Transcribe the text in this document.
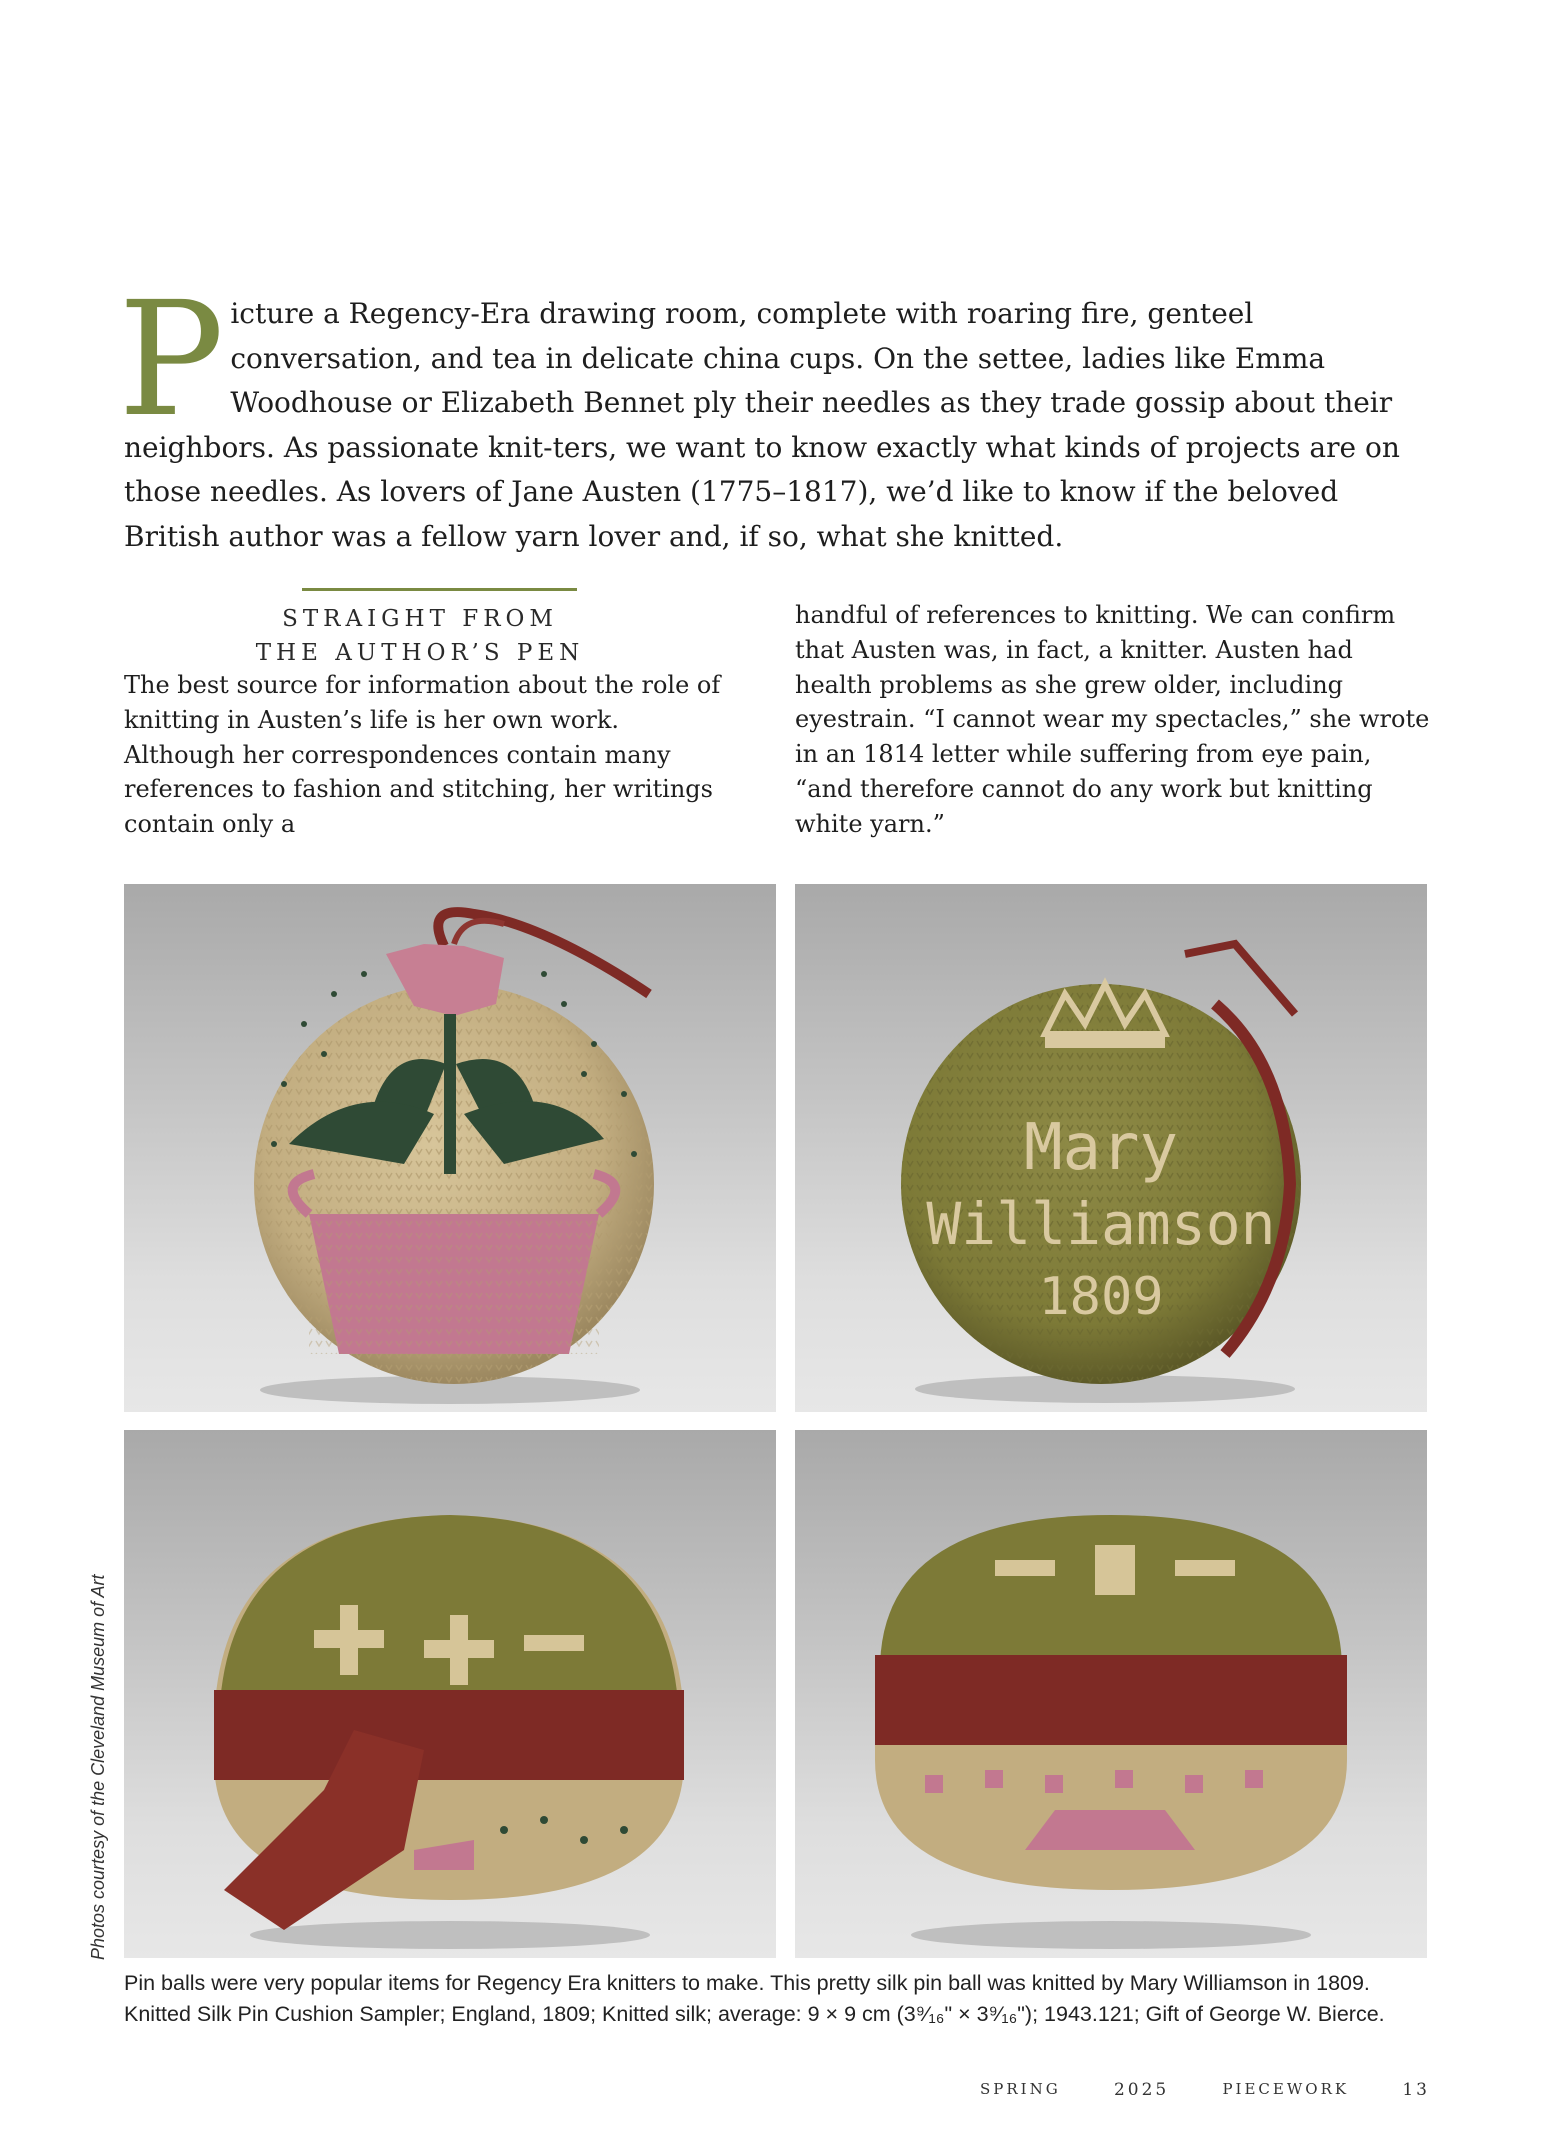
Picture a Regency-Era drawing room, complete with roaring fire, genteel conversation, and tea in delicate china cups. On the settee, ladies like Emma Woodhouse or Elizabeth Bennet ply their needles as they trade gossip about their neighbors. As passionate knit-ters, we want to know exactly what kinds of projects are on those needles. As lovers of Jane Austen (1775–1817), we’d like to know if the beloved British author was a fellow yarn lover and, if so, what she knitted.
STRAIGHT FROM
THE AUTHOR’S PEN
The best source for information about the role of knitting in Austen’s life is her own work. Although her correspondences contain many references to fashion and stitching, her writings contain only a
handful of references to knitting. We can confirm that Austen was, in fact, a knitter. Austen had health problems as she grew older, including eyestrain. “I cannot wear my spectacles,” she wrote in an 1814 letter while suffering from eye pain, “and therefore cannot do any work but knitting white yarn.”
Mary
Williamson
1809
Photos courtesy of the Cleveland Museum of Art
Pin balls were very popular items for Regency Era knitters to make. This pretty silk pin ball was knitted by Mary Williamson in 1809. Knitted Silk Pin Cushion Sampler; England, 1809; Knitted silk; average: 9 × 9 cm (3⁹⁄₁₆" × 3⁹⁄₁₆"); 1943.121; Gift of George W. Bierce.
SPRING	2025	PIECEWORK	13
